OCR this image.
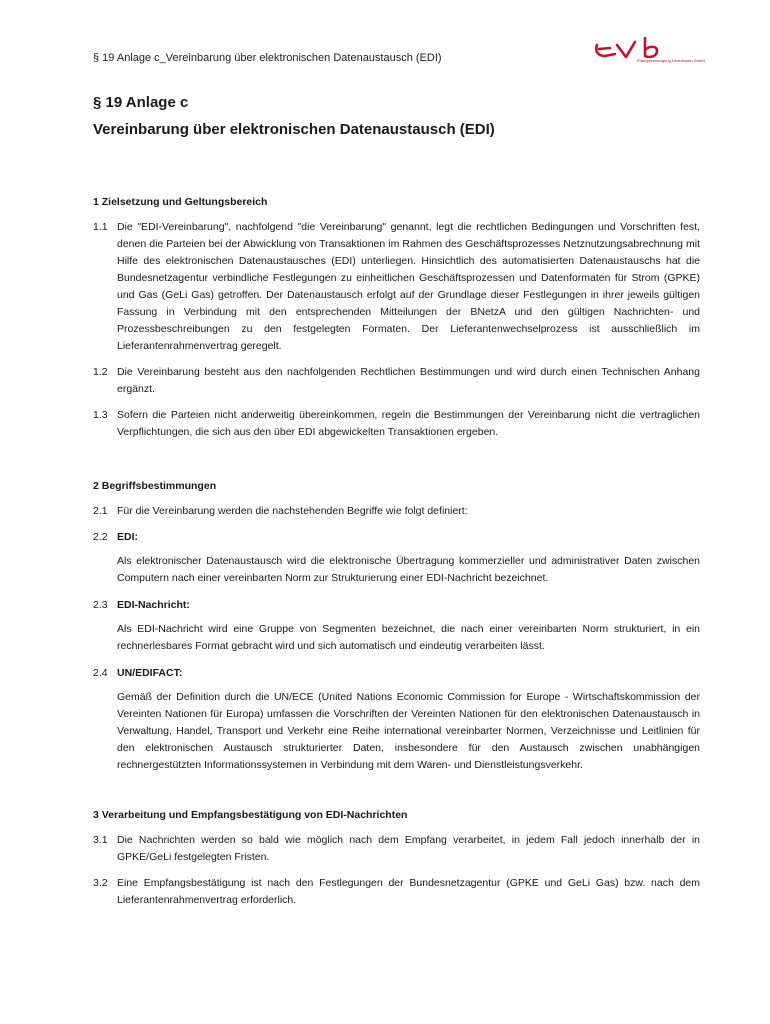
§ 19 Anlage c_Vereinbarung über elektronischen Datenaustausch (EDI)	Energieversorgung Leverkusen GmbH
§ 19 Anlage c
Vereinbarung über elektronischen Datenaustausch (EDI)
1 Zielsetzung und Geltungsbereich
1.1 Die "EDI-Vereinbarung", nachfolgend "die Vereinbarung" genannt, legt die rechtlichen Bedingungen und Vorschriften fest, denen die Parteien bei der Abwicklung von Transaktionen im Rahmen des Geschäftsprozesses Netznutzungsabrechnung mit Hilfe des elektronischen Datenaustausches (EDI) unterliegen. Hinsichtlich des automatisierten Datenaustauschs hat die Bundesnetzagentur verbindliche Festlegungen zu einheitlichen Geschäftsprozessen und Datenformaten für Strom (GPKE) und Gas (GeLi Gas) getroffen. Der Datenaustausch erfolgt auf der Grundlage dieser Festlegungen in ihrer jeweils gültigen Fassung in Verbindung mit den entsprechenden Mitteilungen der BNetzA und den gültigen Nachrichten- und Prozessbeschreibungen zu den festgelegten Formaten. Der Lieferantenwechselprozess ist ausschließlich im Lieferantenrahmenvertrag geregelt.
1.2 Die Vereinbarung besteht aus den nachfolgenden Rechtlichen Bestimmungen und wird durch einen Technischen Anhang ergänzt.
1.3 Sofern die Parteien nicht anderweitig übereinkommen, regeln die Bestimmungen der Vereinbarung nicht die vertraglichen Verpflichtungen, die sich aus den über EDI abgewickelten Transaktionen ergeben.
2 Begriffsbestimmungen
2.1 Für die Vereinbarung werden die nachstehenden Begriffe wie folgt definiert:
2.2 EDI:
Als elektronischer Datenaustausch wird die elektronische Übertragung kommerzieller und administrativer Daten zwischen Computern nach einer vereinbarten Norm zur Strukturierung einer EDI-Nachricht bezeichnet.
2.3 EDI-Nachricht:
Als EDI-Nachricht wird eine Gruppe von Segmenten bezeichnet, die nach einer vereinbarten Norm strukturiert, in ein rechnerlesbares Format gebracht wird und sich automatisch und eindeutig verarbeiten lässt.
2.4 UN/EDIFACT:
Gemäß der Definition durch die UN/ECE (United Nations Economic Commission for Europe - Wirtschaftskommission der Vereinten Nationen für Europa) umfassen die Vorschriften der Vereinten Nationen für den elektronischen Datenaustausch in Verwaltung, Handel, Transport und Verkehr eine Reihe international vereinbarter Normen, Verzeichnisse und Leitlinien für den elektronischen Austausch strukturierter Daten, insbesondere für den Austausch zwischen unabhängigen rechnergestützten Informationssystemen in Verbindung mit dem Waren- und Dienstleistungsverkehr.
3 Verarbeitung und Empfangsbestätigung von EDI-Nachrichten
3.1 Die Nachrichten werden so bald wie möglich nach dem Empfang verarbeitet, in jedem Fall jedoch innerhalb der in GPKE/GeLi festgelegten Fristen.
3.2 Eine Empfangsbestätigung ist nach den Festlegungen der Bundesnetzagentur (GPKE und GeLi Gas) bzw. nach dem Lieferantenrahmenvertrag erforderlich.
